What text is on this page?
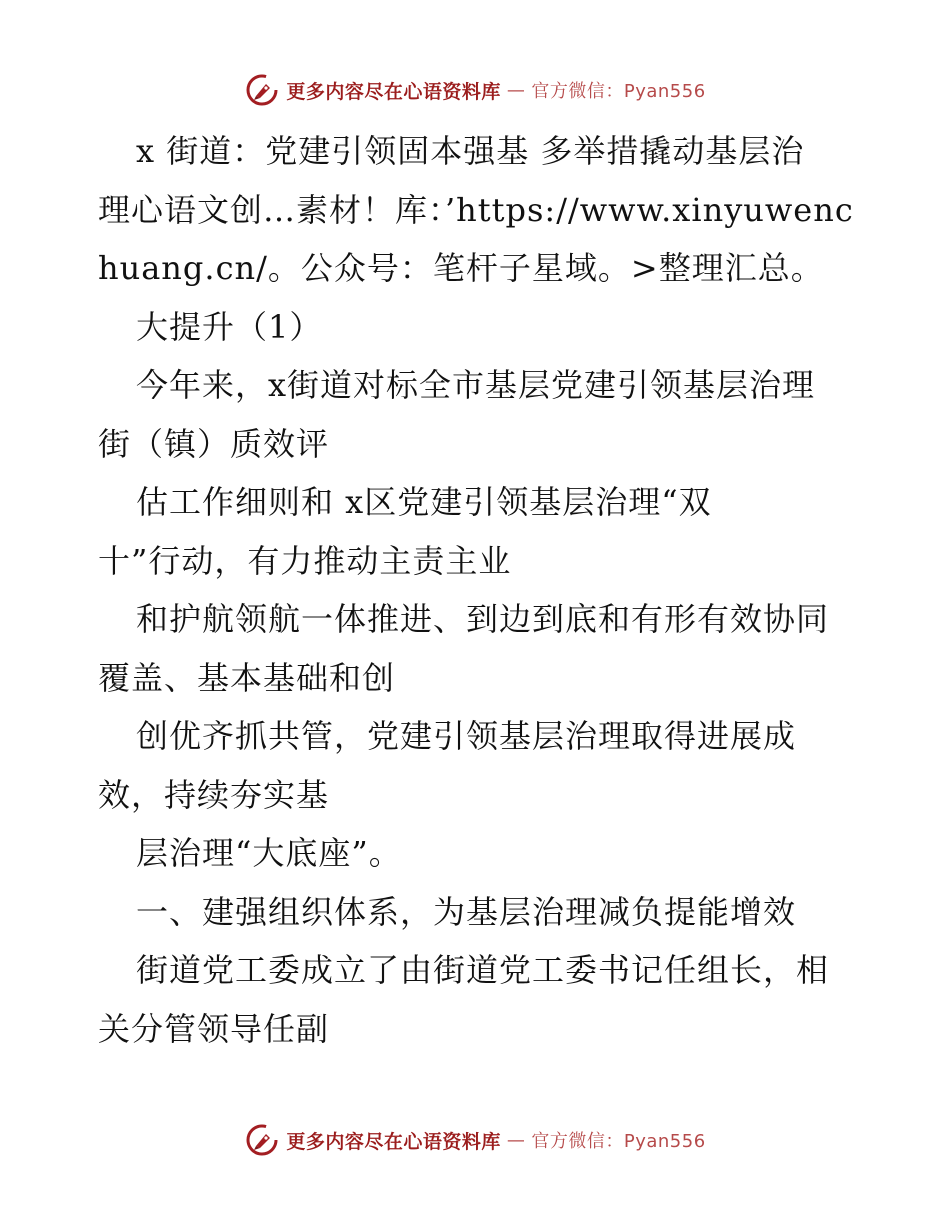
更多内容尽在心语资料库 — 官方微信：Pyan556
x 街道：党建引领固本强基 多举措撬动基层治
理心语文创…素材！库：’https://www.xinyuwenc
huang.cn/。公众号：笔杆子星域。>整理汇总。
大提升（1）
今年来，x街道对标全市基层党建引领基层治理
街（镇）质效评
估工作细则和 x区党建引领基层治理“双
十”行动，有力推动主责主业
和护航领航一体推进、到边到底和有形有效协同
覆盖、基本基础和创
创优齐抓共管，党建引领基层治理取得进展成
效，持续夯实基
层治理“大底座”。
一、建强组织体系，为基层治理减负提能增效
街道党工委成立了由街道党工委书记任组长，相
关分管领导任副
更多内容尽在心语资料库 — 官方微信：Pyan556
